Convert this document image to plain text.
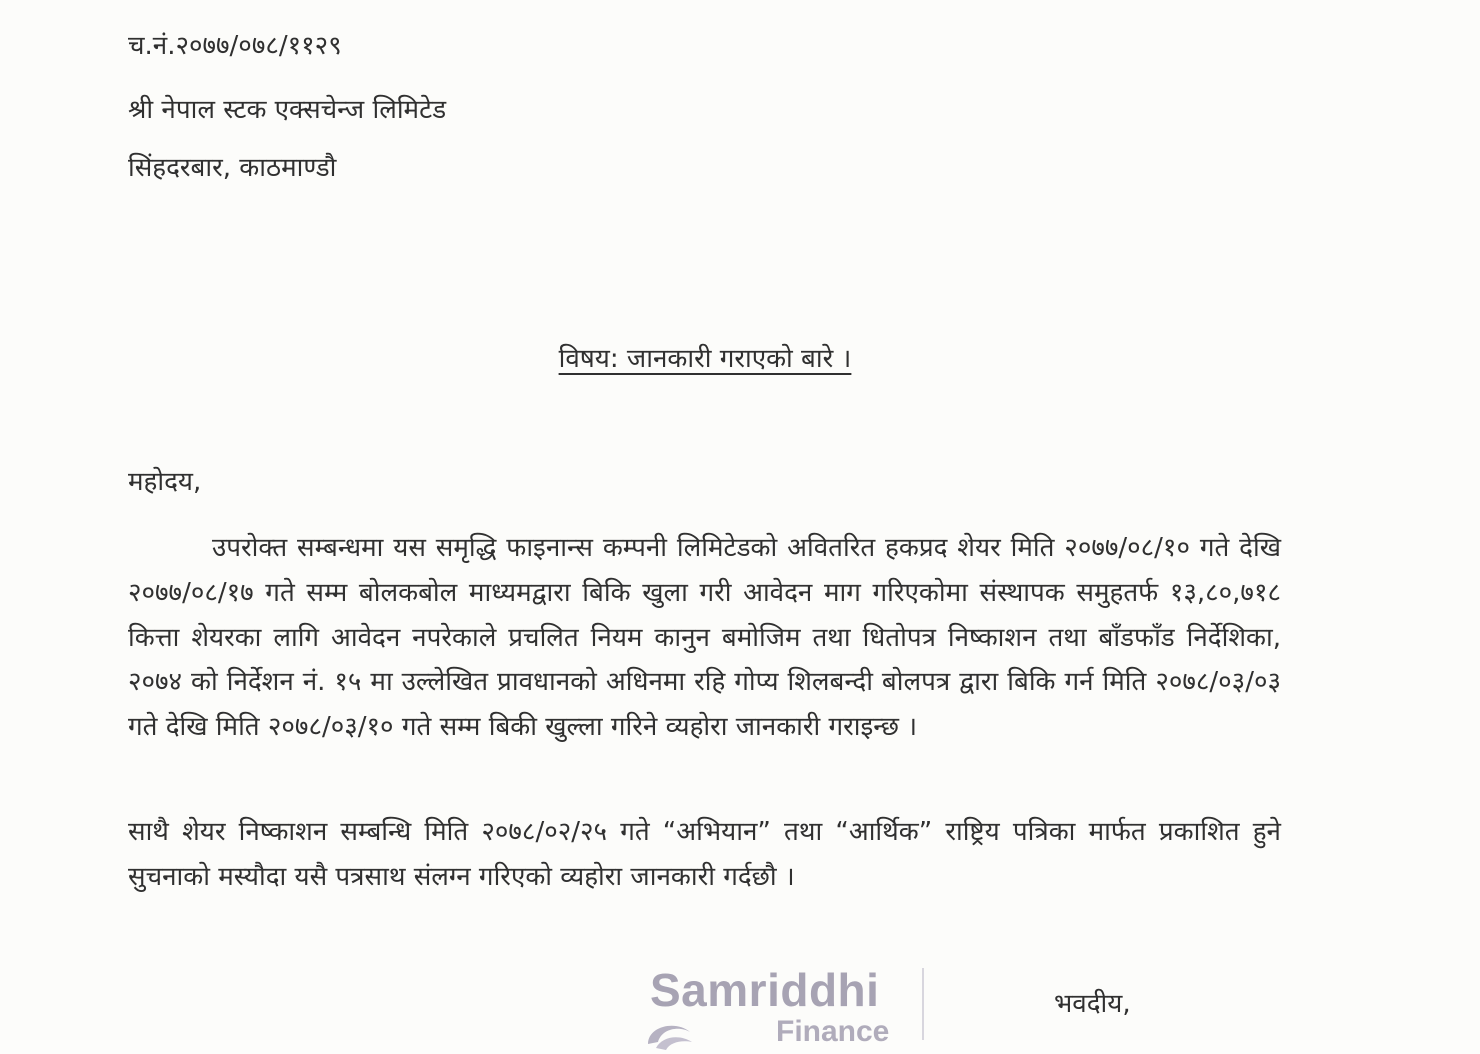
च.नं.२०७७/०७८/११२९
श्री नेपाल स्टक एक्सचेन्ज लिमिटेड
सिंहदरबार, काठमाण्डौ
विषय: जानकारी गराएको बारे ।
महोदय,
उपरोक्त सम्बन्धमा यस समृद्धि फाइनान्स कम्पनी लिमिटेडको अवितरित हकप्रद शेयर मिति २०७७/०८/१० गते देखि २०७७/०८/१७ गते सम्म बोलकबोल माध्यमद्वारा बिकि खुला गरी आवेदन माग गरिएकोमा संस्थापक समुहतर्फ १३,८०,७१८ कित्ता शेयरका लागि आवेदन नपरेकाले प्रचलित नियम कानुन बमोजिम तथा धितोपत्र निष्काशन तथा बाँडफाँड निर्देशिका, २०७४ को निर्देशन नं. १५ मा उल्लेखित प्रावधानको अधिनमा रहि गोप्य शिलबन्दी बोलपत्र द्वारा बिकि गर्न मिति २०७८/०३/०३ गते देखि मिति २०७८/०३/१० गते सम्म बिकी खुल्ला गरिने व्यहोरा जानकारी गराइन्छ ।
साथै शेयर निष्काशन सम्बन्धि मिति २०७८/०२/२५ गते “अभियान” तथा “आर्थिक” राष्ट्रिय पत्रिका मार्फत प्रकाशित हुने सुचनाको मस्यौदा यसै पत्रसाथ संलग्न गरिएको व्यहोरा जानकारी गर्दछौ ।
Samriddhi
Finance
भवदीय,
